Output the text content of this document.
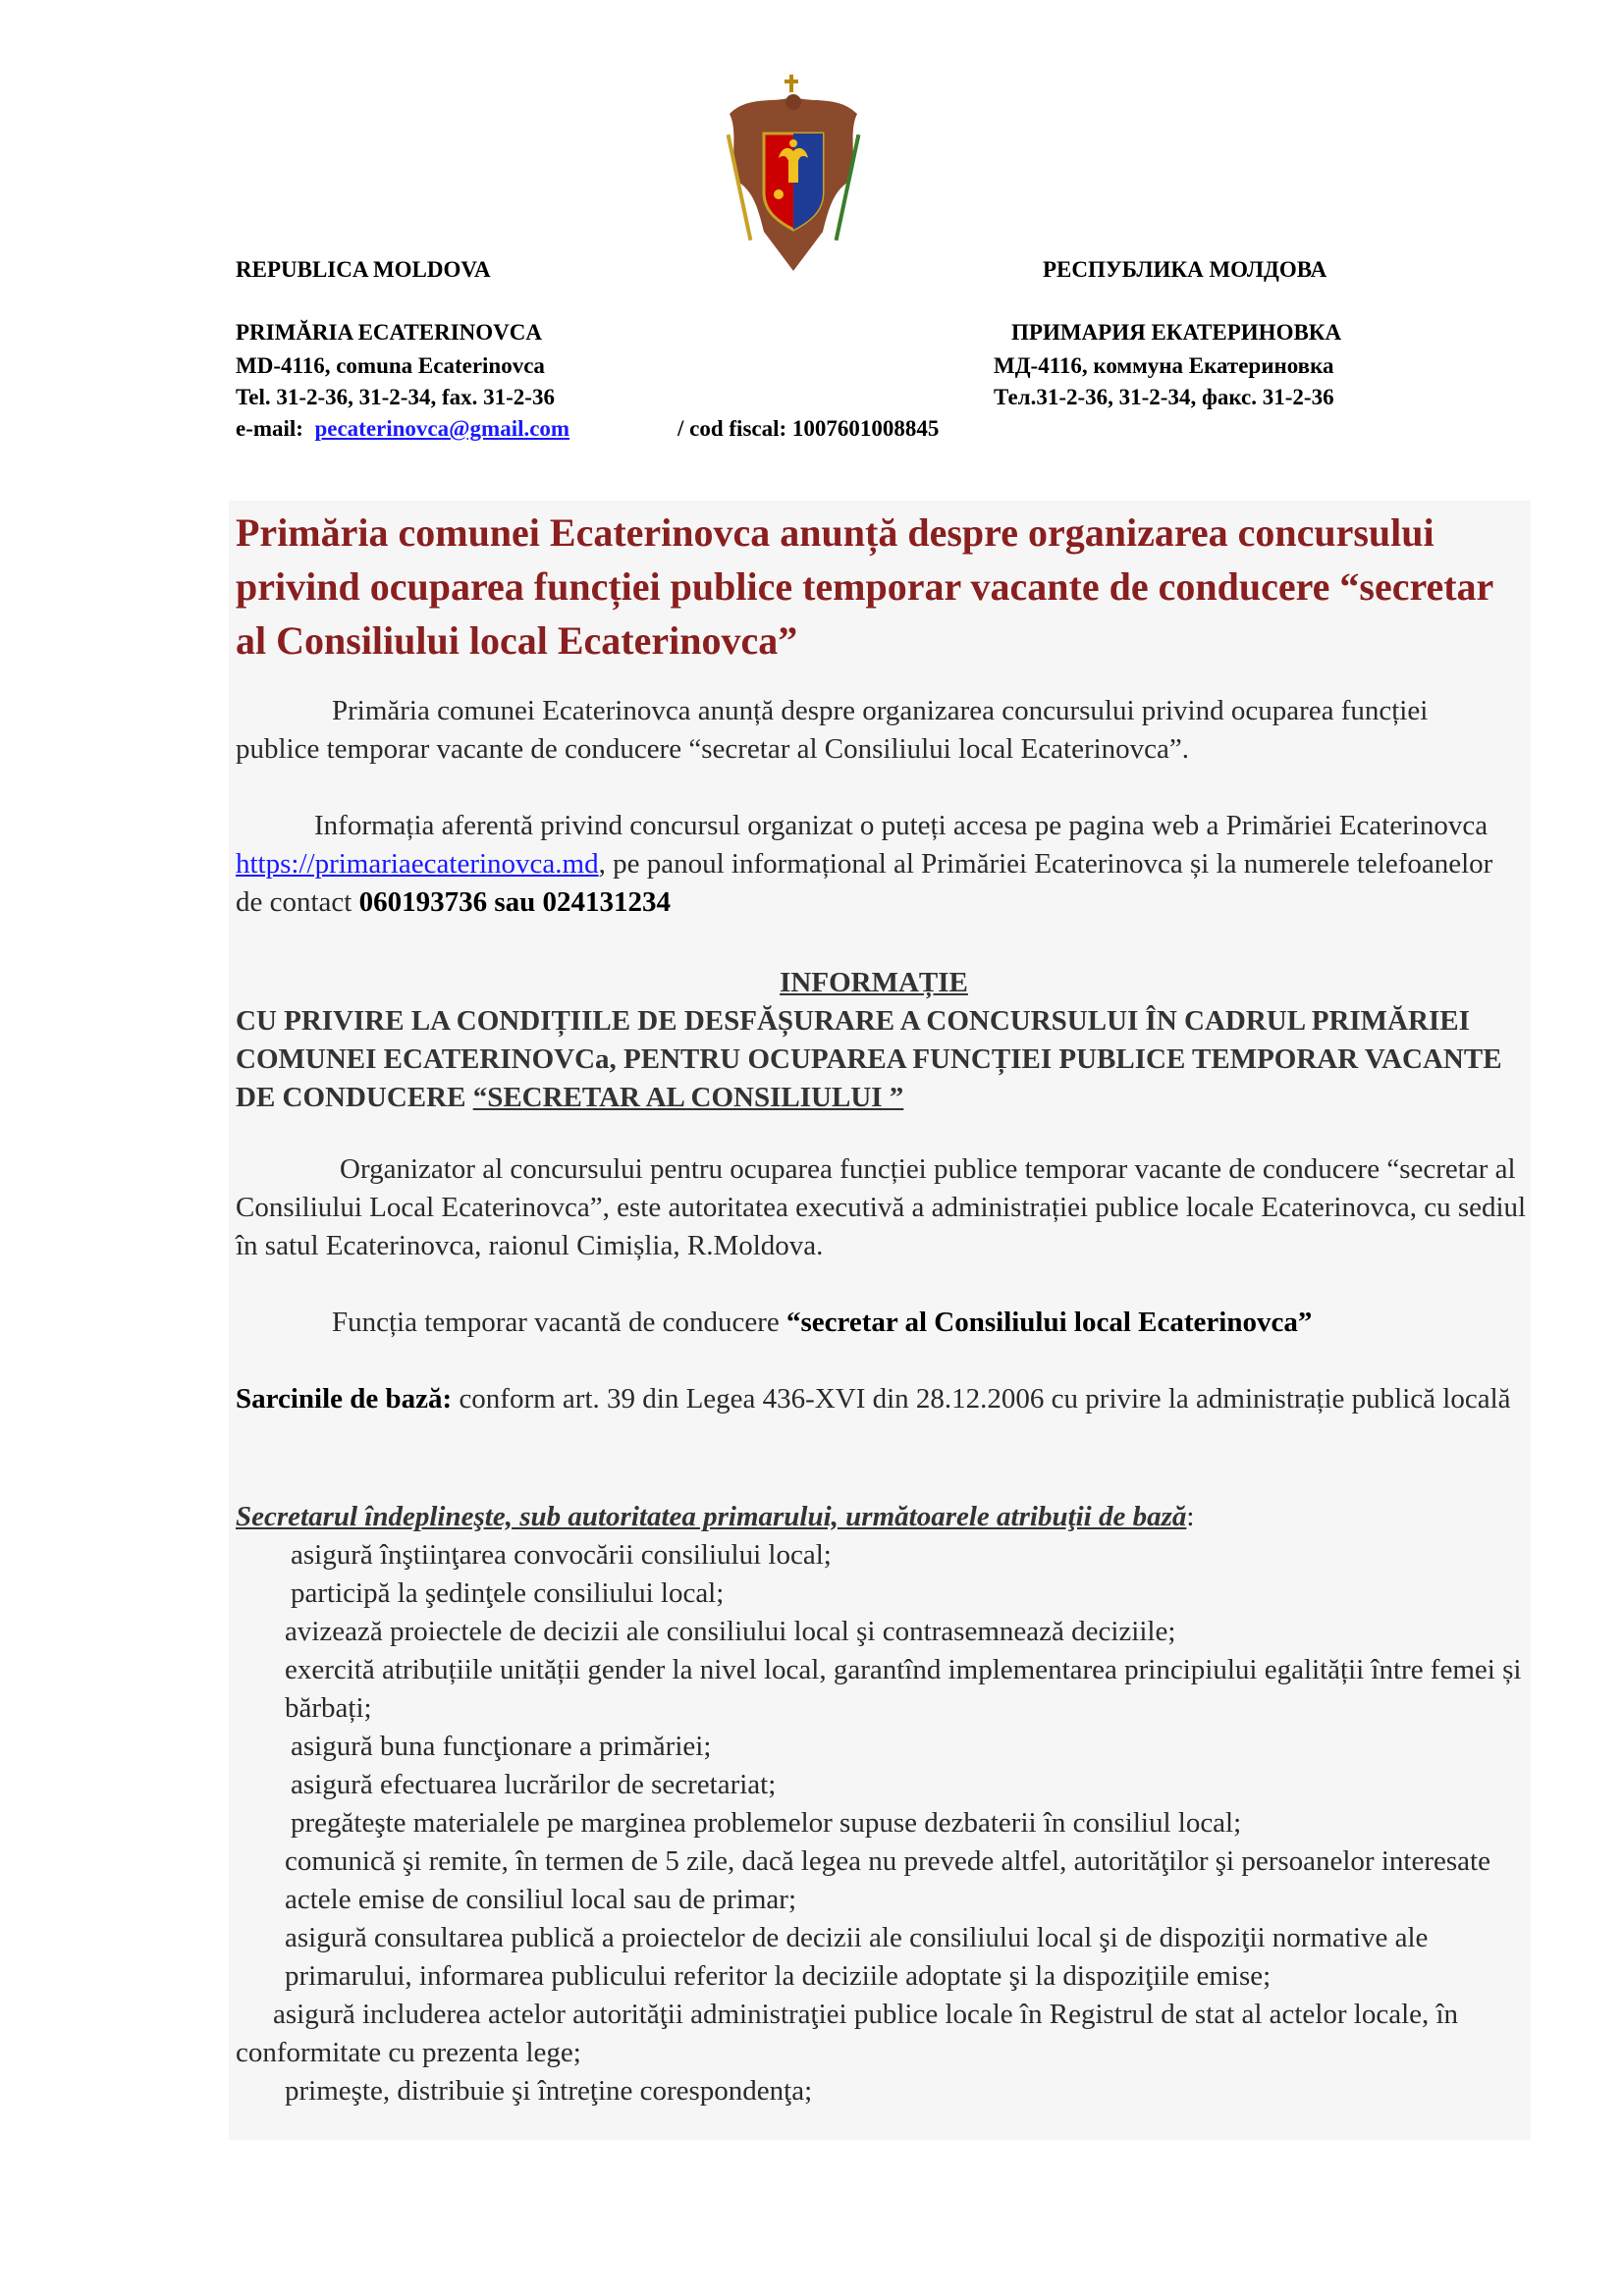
REPUBLICA MOLDOVA	РЕСПУБЛИКА МОЛДОВА
PRIMĂRIA ECATERINOVCA	ПРИМАРИЯ ЕКАТЕРИНОВКА
MD-4116, comuna Ecaterinovca	МД-4116, коммуна Екатериновка
Tel. 31-2-36, 31-2-34, fax. 31-2-36	Тел.31-2-36, 31-2-34, факс. 31-2-36
e-mail: pecaterinovca@gmail.com	/ cod fiscal: 1007601008845
Primăria comunei Ecaterinovca anunță despre organizarea concursului privind ocuparea funcției publice temporar vacante de conducere “secretar al Consiliului local Ecaterinovca”

Primăria comunei Ecaterinovca anunță despre organizarea concursului privind ocuparea funcției publice temporar vacante de conducere “secretar al Consiliului local Ecaterinovca”.

Informația aferentă privind concursul organizat o puteți accesa pe pagina web a Primăriei Ecaterinovca https://primariaecaterinovca.md, pe panoul informațional al Primăriei Ecaterinovca și la numerele telefoanelor de contact 060193736 sau 024131234

INFORMAȚIE
CU PRIVIRE LA CONDIȚIILE DE DESFĂȘURARE A CONCURSULUI ÎN CADRUL PRIMĂRIEI COMUNEI ECATERINOVCa, PENTRU OCUPAREA FUNCȚIEI PUBLICE TEMPORAR VACANTE DE CONDUCERE “SECRETAR AL CONSILIULUI ”

Organizator al concursului pentru ocuparea funcției publice temporar vacante de conducere “secretar al Consiliului Local Ecaterinovca”, este autoritatea executivă a administrației publice locale Ecaterinovca, cu sediul în satul Ecaterinovca, raionul Cimișlia, R.Moldova.

Funcția temporar vacantă de conducere “secretar al Consiliului local Ecaterinovca”

Sarcinile de bază: conform art. 39 din Legea 436-XVI din 28.12.2006 cu privire la administrație publică locală

Secretarul îndeplineşte, sub autoritatea primarului, următoarele atribuţii de bază:
asigură înştiinţarea convocării consiliului local;
participă la şedinţele consiliului local;
avizează proiectele de decizii ale consiliului local şi contrasemnează deciziile;
exercită atribuțiile unității gender la nivel local, garantînd implementarea principiului egalității între femei și bărbați;
asigură buna funcţionare a primăriei;
asigură efectuarea lucrărilor de secretariat;
pregăteşte materialele pe marginea problemelor supuse dezbaterii în consiliul local;
comunică şi remite, în termen de 5 zile, dacă legea nu prevede altfel, autorităţilor şi persoanelor interesate actele emise de consiliul local sau de primar;
asigură consultarea publică a proiectelor de decizii ale consiliului local şi de dispoziţii normative ale primarului, informarea publicului referitor la deciziile adoptate şi la dispoziţiile emise;
asigură includerea actelor autorităţii administraţiei publice locale în Registrul de stat al actelor locale, în conformitate cu prezenta lege;
primeşte, distribuie şi întreţine corespondenţa;
